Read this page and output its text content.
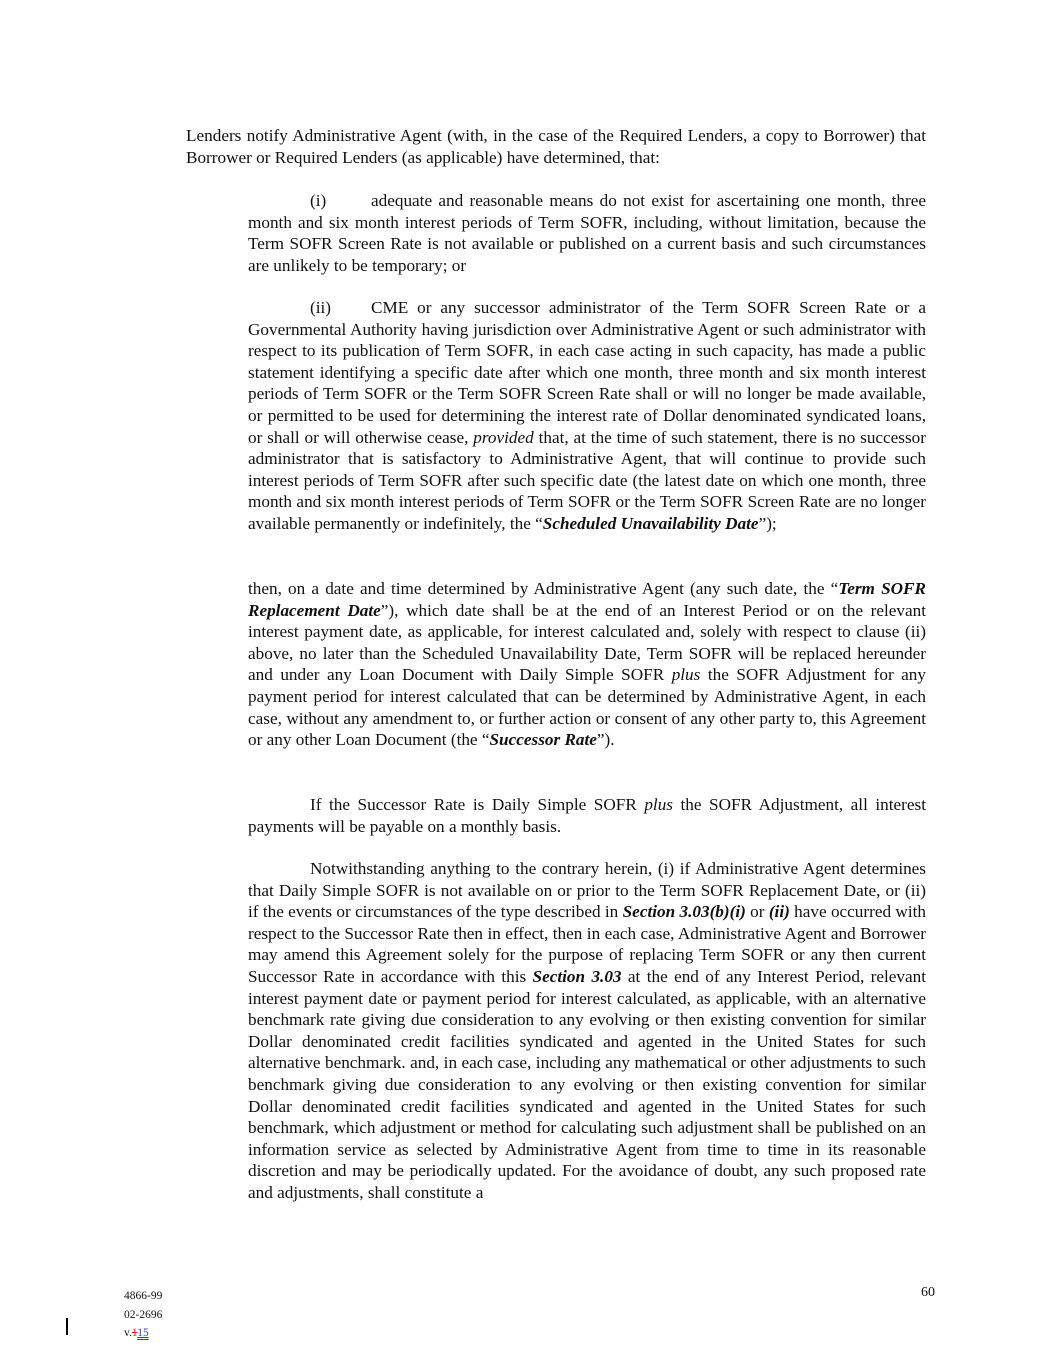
Lenders notify Administrative Agent (with, in the case of the Required Lenders, a copy to Borrower) that Borrower or Required Lenders (as applicable) have determined, that:

(i)	adequate and reasonable means do not exist for ascertaining one month, three month and six month interest periods of Term SOFR, including, without limitation, because the Term SOFR Screen Rate is not available or published on a current basis and such circumstances are unlikely to be temporary; or

(ii) CME or any successor administrator of the Term SOFR Screen Rate or a Governmental Authority having jurisdiction over Administrative Agent or such administrator with respect to its publication of Term SOFR, in each case acting in such capacity, has made a public statement identifying a specific date after which one month, three month and six month interest periods of Term SOFR or the Term SOFR Screen Rate shall or will no longer be made available, or permitted to be used for determining the interest rate of Dollar denominated syndicated loans, or shall or will otherwise cease, provided that, at the time of such statement, there is no successor administrator that is satisfactory to Administrative Agent, that will continue to provide such interest periods of Term SOFR after such specific date (the latest date on which one month, three month and six month interest periods of Term SOFR or the Term SOFR Screen Rate are no longer available permanently or indefinitely, the “Scheduled Unavailability Date”);

then, on a date and time determined by Administrative Agent (any such date, the “Term SOFR Replacement Date”), which date shall be at the end of an Interest Period or on the relevant interest payment date, as applicable, for interest calculated and, solely with respect to clause (ii) above, no later than the Scheduled Unavailability Date, Term SOFR will be replaced hereunder and under any Loan Document with Daily Simple SOFR plus the SOFR Adjustment for any payment period for interest calculated that can be determined by Administrative Agent, in each case, without any amendment to, or further action or consent of any other party to, this Agreement or any other Loan Document (the “Successor Rate”).

If the Successor Rate is Daily Simple SOFR plus the SOFR Adjustment, all interest payments will be payable on a monthly basis.

Notwithstanding anything to the contrary herein, (i) if Administrative Agent determines that Daily Simple SOFR is not available on or prior to the Term SOFR Replacement Date, or (ii) if the events or circumstances of the type described in Section 3.03(b)(i) or (ii) have occurred with respect to the Successor Rate then in effect, then in each case, Administrative Agent and Borrower may amend this Agreement solely for the purpose of replacing Term SOFR or any then current Successor Rate in accordance with this Section 3.03 at the end of any Interest Period, relevant interest payment date or payment period for interest calculated, as applicable, with an alternative benchmark rate giving due consideration to any evolving or then existing convention for similar Dollar denominated credit facilities syndicated and agented in the United States for such alternative benchmark. and, in each case, including any mathematical or other adjustments to such benchmark giving due consideration to any evolving or then existing convention for similar Dollar denominated credit facilities syndicated and agented in the United States for such benchmark, which adjustment or method for calculating such adjustment shall be published on an information service as selected by Administrative Agent from time to time in its reasonable discretion and may be periodically updated. For the avoidance of doubt, any such proposed rate and adjustments, shall constitute a

4866-99
02-2696
v.115
60
